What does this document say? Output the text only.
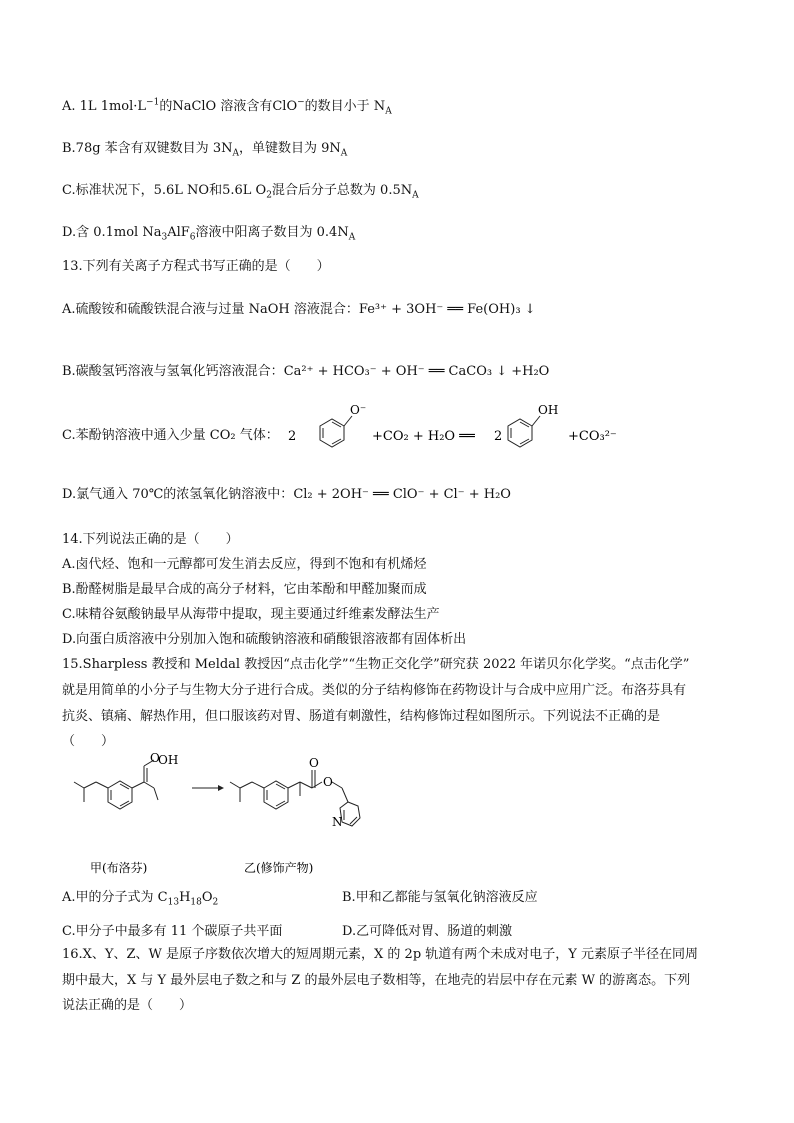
A. 1L $1mol\cdot L^{-1}$的NaClO 溶液含有ClO−的数目小于 $N_A$
B.78g 苯含有双键数目为 $3N_A$，单键数目为 $9N_A$
C.标准状况下，5.6L NO和5.6L $O_2$混合后分子总数为 $0.5N_A$
D.含 0.1mol $Na_3AlF_6$溶液中阳离子数目为 $0.4N_A$
13.下列有关离子方程式书写正确的是（　　）
A.硫酸铵和硫酸铁混合液与过量 NaOH 溶液混合：Fe³⁺ + 3OH⁻ ══ Fe(OH)₃ ↓
B.碳酸氢钙溶液与氢氧化钙溶液混合：Ca²⁺ + HCO₃⁻ + OH⁻ ══ CaCO₃ ↓ +H₂O
C.苯酚钠溶液中通入少量 CO₂ 气体： 2
O⁻
+CO₂ + H₂O ══ 2
OH
+CO₃²⁻
D.氯气通入 70℃的浓氢氧化钠溶液中：Cl₂ + 2OH⁻ ══ ClO⁻ + Cl⁻ + H₂O
14.下列说法正确的是（　　）
A.卤代烃、饱和一元醇都可发生消去反应，得到不饱和有机烯烃
B.酚醛树脂是最早合成的高分子材料，它由苯酚和甲醛加聚而成
C.味精谷氨酸钠最早从海带中提取，现主要通过纤维素发酵法生产
D.向蛋白质溶液中分别加入饱和硫酸钠溶液和硝酸银溶液都有固体析出
15.Sharpless 教授和 Meldal 教授因“点击化学”“生物正交化学”研究获 2022 年诺贝尔化学奖。“点击化学”
就是用简单的小分子与生物大分子进行合成。类似的分子结构修饰在药物设计与合成中应用广泛。布洛芬具有
抗炎、镇痛、解热作用，但口服该药对胃、肠道有刺激性，结构修饰过程如图所示。下列说法不正确的是
（　　）
O
OH	O
O
N
甲(布洛芬)	乙(修饰产物)
A.甲的分子式为 $C_{13}H_{18}O_2$	B.甲和乙都能与氢氧化钠溶液反应
C.甲分子中最多有 11 个碳原子共平面	D.乙可降低对胃、肠道的刺激
16.X、Y、Z、W 是原子序数依次增大的短周期元素，X 的 2p 轨道有两个未成对电子，Y 元素原子半径在同周
期中最大，X 与 Y 最外层电子数之和与 Z 的最外层电子数相等，在地壳的岩层中存在元素 W 的游离态。下列
说法正确的是（　　）
